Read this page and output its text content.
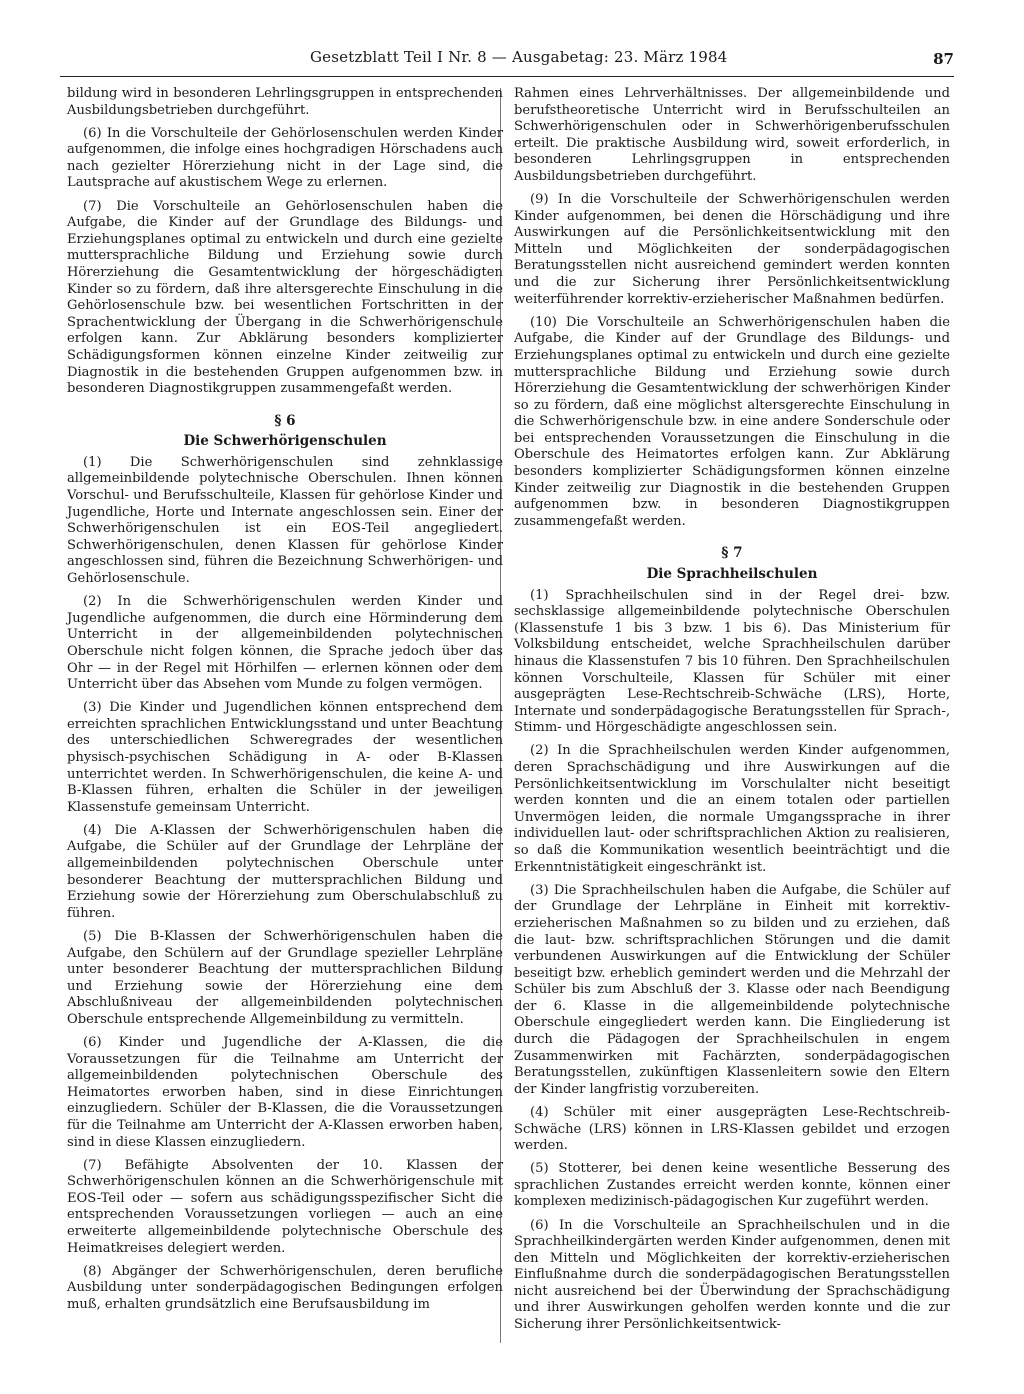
Gesetzblatt Teil I Nr. 8 — Ausgabetag: 23. März 1984	87

bildung wird in besonderen Lehrlingsgruppen in entsprechenden Ausbildungsbetrieben durchgeführt.

(6) In die Vorschulteile der Gehörlosenschulen werden Kinder aufgenommen, die infolge eines hochgradigen Hörschadens auch nach gezielter Hörerziehung nicht in der Lage sind, die Lautsprache auf akustischem Wege zu erlernen.

(7) Die Vorschulteile an Gehörlosenschulen haben die Aufgabe, die Kinder auf der Grundlage des Bildungs- und Erziehungsplanes optimal zu entwickeln und durch eine gezielte muttersprachliche Bildung und Erziehung sowie durch Hörerziehung die Gesamtentwicklung der hörgeschädigten Kinder so zu fördern, daß ihre altersgerechte Einschulung in die Gehörlosenschule bzw. bei wesentlichen Fortschritten in der Sprachentwicklung der Übergang in die Schwerhörigenschule erfolgen kann. Zur Abklärung besonders komplizierter Schädigungsformen können einzelne Kinder zeitweilig zur Diagnostik in die bestehenden Gruppen aufgenommen bzw. in besonderen Diagnostikgruppen zusammengefaßt werden.

§ 6
Die Schwerhörigenschulen

(1) Die Schwerhörigenschulen sind zehnklassige allgemeinbildende polytechnische Oberschulen. Ihnen können Vorschul- und Berufsschulteile, Klassen für gehörlose Kinder und Jugendliche, Horte und Internate angeschlossen sein. Einer der Schwerhörigenschulen ist ein EOS-Teil angegliedert. Schwerhörigenschulen, denen Klassen für gehörlose Kinder angeschlossen sind, führen die Bezeichnung Schwerhörigen- und Gehörlosenschule.

(2) In die Schwerhörigenschulen werden Kinder und Jugendliche aufgenommen, die durch eine Hörminderung dem Unterricht in der allgemeinbildenden polytechnischen Oberschule nicht folgen können, die Sprache jedoch über das Ohr — in der Regel mit Hörhilfen — erlernen können oder dem Unterricht über das Absehen vom Munde zu folgen vermögen.

(3) Die Kinder und Jugendlichen können entsprechend dem erreichten sprachlichen Entwicklungsstand und unter Beachtung des unterschiedlichen Schweregrades der wesentlichen physisch-psychischen Schädigung in A- oder B-Klassen unterrichtet werden. In Schwerhörigenschulen, die keine A- und B-Klassen führen, erhalten die Schüler in der jeweiligen Klassenstufe gemeinsam Unterricht.

(4) Die A-Klassen der Schwerhörigenschulen haben die Aufgabe, die Schüler auf der Grundlage der Lehrpläne der allgemeinbildenden polytechnischen Oberschule unter besonderer Beachtung der muttersprachlichen Bildung und Erziehung sowie der Hörerziehung zum Oberschulabschluß zu führen.

(5) Die B-Klassen der Schwerhörigenschulen haben die Aufgabe, den Schülern auf der Grundlage spezieller Lehrpläne unter besonderer Beachtung der muttersprachlichen Bildung und Erziehung sowie der Hörerziehung eine dem Abschlußniveau der allgemeinbildenden polytechnischen Oberschule entsprechende Allgemeinbildung zu vermitteln.

(6) Kinder und Jugendliche der A-Klassen, die die Voraussetzungen für die Teilnahme am Unterricht der allgemeinbildenden polytechnischen Oberschule des Heimatortes erworben haben, sind in diese Einrichtungen einzugliedern. Schüler der B-Klassen, die die Voraussetzungen für die Teilnahme am Unterricht der A-Klassen erworben haben, sind in diese Klassen einzugliedern.

(7) Befähigte Absolventen der 10. Klassen der Schwerhörigenschulen können an die Schwerhörigenschule mit EOS-Teil oder — sofern aus schädigungsspezifischer Sicht die entsprechenden Voraussetzungen vorliegen — auch an eine erweiterte allgemeinbildende polytechnische Oberschule des Heimatkreises delegiert werden.

(8) Abgänger der Schwerhörigenschulen, deren berufliche Ausbildung unter sonderpädagogischen Bedingungen erfolgen muß, erhalten grundsätzlich eine Berufsausbildung im

Rahmen eines Lehrverhältnisses. Der allgemeinbildende und berufstheoretische Unterricht wird in Berufsschulteilen an Schwerhörigenschulen oder in Schwerhörigenberufsschulen erteilt. Die praktische Ausbildung wird, soweit erforderlich, in besonderen Lehrlingsgruppen in entsprechenden Ausbildungsbetrieben durchgeführt.

(9) In die Vorschulteile der Schwerhörigenschulen werden Kinder aufgenommen, bei denen die Hörschädigung und ihre Auswirkungen auf die Persönlichkeitsentwicklung mit den Mitteln und Möglichkeiten der sonderpädagogischen Beratungsstellen nicht ausreichend gemindert werden konnten und die zur Sicherung ihrer Persönlichkeitsentwicklung weiterführender korrektiv-erzieherischer Maßnahmen bedürfen.

(10) Die Vorschulteile an Schwerhörigenschulen haben die Aufgabe, die Kinder auf der Grundlage des Bildungs- und Erziehungsplanes optimal zu entwickeln und durch eine gezielte muttersprachliche Bildung und Erziehung sowie durch Hörerziehung die Gesamtentwicklung der schwerhörigen Kinder so zu fördern, daß eine möglichst altersgerechte Einschulung in die Schwerhörigenschule bzw. in eine andere Sonderschule oder bei entsprechenden Voraussetzungen die Einschulung in die Oberschule des Heimatortes erfolgen kann. Zur Abklärung besonders komplizierter Schädigungsformen können einzelne Kinder zeitweilig zur Diagnostik in die bestehenden Gruppen aufgenommen bzw. in besonderen Diagnostikgruppen zusammengefaßt werden.

§ 7
Die Sprachheilschulen

(1) Sprachheilschulen sind in der Regel drei- bzw. sechsklassige allgemeinbildende polytechnische Oberschulen (Klassenstufe 1 bis 3 bzw. 1 bis 6). Das Ministerium für Volksbildung entscheidet, welche Sprachheilschulen darüber hinaus die Klassenstufen 7 bis 10 führen. Den Sprachheilschulen können Vorschulteile, Klassen für Schüler mit einer ausgeprägten Lese-Rechtschreib-Schwäche (LRS), Horte, Internate und sonderpädagogische Beratungsstellen für Sprach-, Stimm- und Hörgeschädigte angeschlossen sein.

(2) In die Sprachheilschulen werden Kinder aufgenommen, deren Sprachschädigung und ihre Auswirkungen auf die Persönlichkeitsentwicklung im Vorschulalter nicht beseitigt werden konnten und die an einem totalen oder partiellen Unvermögen leiden, die normale Umgangssprache in ihrer individuellen laut- oder schriftsprachlichen Aktion zu realisieren, so daß die Kommunikation wesentlich beeinträchtigt und die Erkenntnistätigkeit eingeschränkt ist.

(3) Die Sprachheilschulen haben die Aufgabe, die Schüler auf der Grundlage der Lehrpläne in Einheit mit korrektiv-erzieherischen Maßnahmen so zu bilden und zu erziehen, daß die laut- bzw. schriftsprachlichen Störungen und die damit verbundenen Auswirkungen auf die Entwicklung der Schüler beseitigt bzw. erheblich gemindert werden und die Mehrzahl der Schüler bis zum Abschluß der 3. Klasse oder nach Beendigung der 6. Klasse in die allgemeinbildende polytechnische Oberschule eingegliedert werden kann. Die Eingliederung ist durch die Pädagogen der Sprachheilschulen in engem Zusammenwirken mit Fachärzten, sonderpädagogischen Beratungsstellen, zukünftigen Klassenleitern sowie den Eltern der Kinder langfristig vorzubereiten.

(4) Schüler mit einer ausgeprägten Lese-Rechtschreib-Schwäche (LRS) können in LRS-Klassen gebildet und erzogen werden.

(5) Stotterer, bei denen keine wesentliche Besserung des sprachlichen Zustandes erreicht werden konnte, können einer komplexen medizinisch-pädagogischen Kur zugeführt werden.

(6) In die Vorschulteile an Sprachheilschulen und in die Sprachheilkindergärten werden Kinder aufgenommen, denen mit den Mitteln und Möglichkeiten der korrektiv-erzieherischen Einflußnahme durch die sonderpädagogischen Beratungsstellen nicht ausreichend bei der Überwindung der Sprachschädigung und ihrer Auswirkungen geholfen werden konnte und die zur Sicherung ihrer Persönlichkeitsentwick-
